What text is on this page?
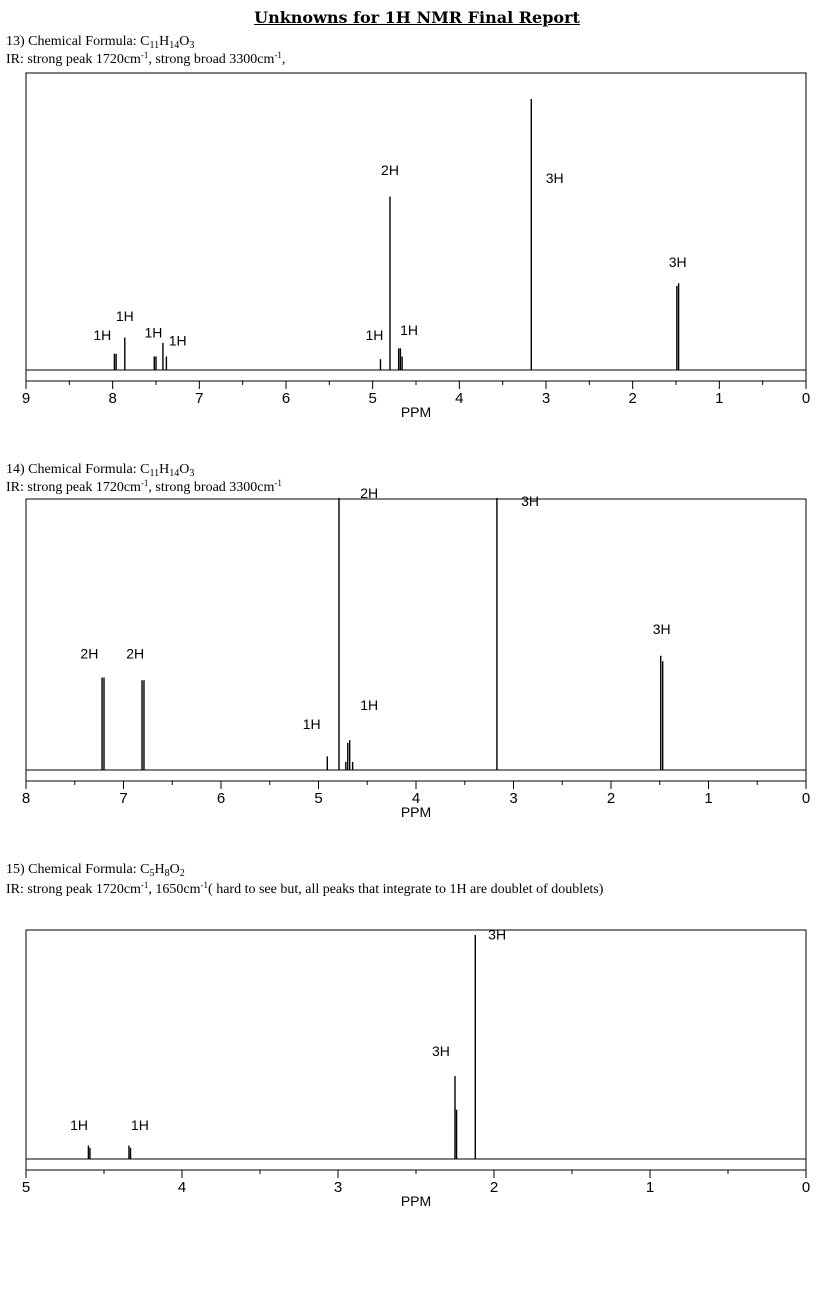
Unknowns for 1H NMR Final Report
13) Chemical Formula: $C_{11}H_{14}O_3$
IR: strong peak $1720cm^{-1}$, strong broad $3300cm^{-1}$,
9	8	7	6	5	4	3	2	1	0
PPM
1H
1H
1H
1H	1H 1H
2H
3H
3H
14) Chemical Formula: $C_{11}H_{14}O_3$
IR: strong peak $1720cm^{-1}$, strong broad $3300cm^{-1}$
8	7	6	5	4	3	2	1	0
PPM
2H 2H
1H
1H
2H
3H
3H
15) Chemical Formula: $C_5H_8O_2$
IR: strong peak $1720cm^{-1}$, $1650cm^{-1}$( hard to see but, all peaks that integrate to 1H are doublet of doublets)
5	4	3	2	1	0
PPM
1H	1H
3H
3H
